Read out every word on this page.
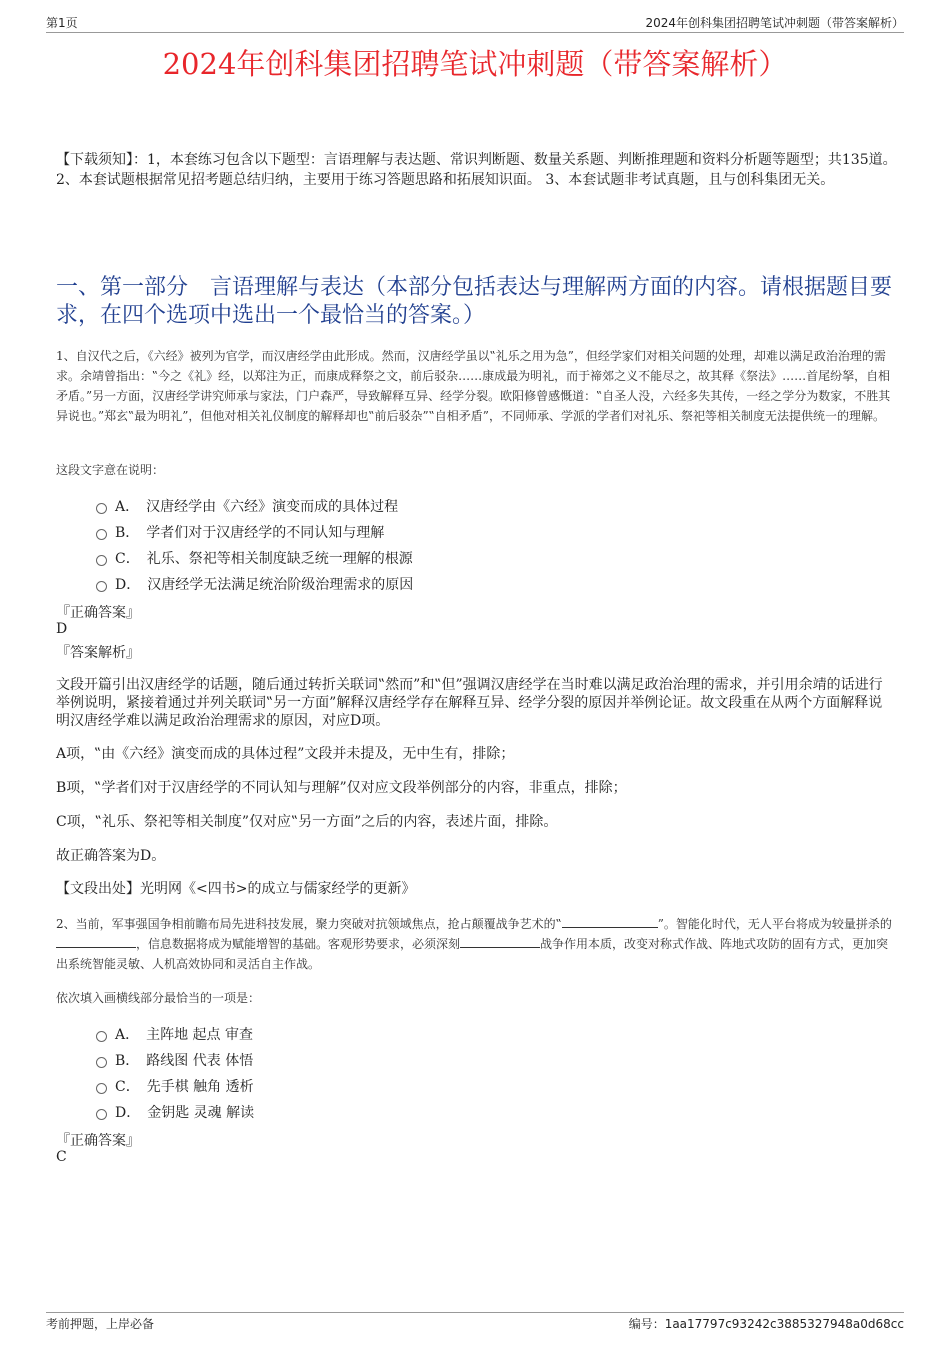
第1页	2024年创科集团招聘笔试冲刺题（带答案解析）
2024年创科集团招聘笔试冲刺题（带答案解析）
【下载须知】：1，本套练习包含以下题型：言语理解与表达题、常识判断题、数量关系题、判断推理题和资料分析题等题型；共135道。 2、本套试题根据常见招考题总结归纳，主要用于练习答题思路和拓展知识面。 3、本套试题非考试真题，且与创科集团无关。
一、第一部分　言语理解与表达（本部分包括表达与理解两方面的内容。请根据题目要求，在四个选项中选出一个最恰当的答案。）
1、自汉代之后，《六经》被列为官学，而汉唐经学由此形成。然而，汉唐经学虽以‟礼乐之用为急”，但经学家们对相关问题的处理，却难以满足政治治理的需求。余靖曾指出：‟今之《礼》经，以郑注为正，而康成释祭之文，前后驳杂……康成最为明礼，而于禘郊之义不能尽之，故其释《祭法》……首尾纷拏，自相矛盾。”另一方面，汉唐经学讲究师承与家法，门户森严，导致解释互异、经学分裂。欧阳修曾感慨道：‟自圣人没，六经多失其传，一经之学分为数家，不胜其异说也。”郑玄‟最为明礼”，但他对相关礼仪制度的解释却也‟前后驳杂”‟自相矛盾”，不同师承、学派的学者们对礼乐、祭祀等相关制度无法提供统一的理解。
这段文字意在说明：
A．　汉唐经学由《六经》演变而成的具体过程
B．　学者们对于汉唐经学的不同认知与理解
C．　礼乐、祭祀等相关制度缺乏统一理解的根源
D．　汉唐经学无法满足统治阶级治理需求的原因
『正确答案』
D
『答案解析』
文段开篇引出汉唐经学的话题，随后通过转折关联词‟然而”和‟但”强调汉唐经学在当时难以满足政治治理的需求，并引用余靖的话进行举例说明，紧接着通过并列关联词‟另一方面”解释汉唐经学存在解释互异、经学分裂的原因并举例论证。故文段重在从两个方面解释说明汉唐经学难以满足政治治理需求的原因，对应D项。
A项，‟由《六经》演变而成的具体过程”文段并未提及，无中生有，排除；
B项，‟学者们对于汉唐经学的不同认知与理解”仅对应文段举例部分的内容，非重点，排除；
C项，‟礼乐、祭祀等相关制度”仅对应‟另一方面”之后的内容，表述片面，排除。
故正确答案为D。
【文段出处】光明网《<四书>的成立与儒家经学的更新》
2、当前，军事强国争相前瞻布局先进科技发展，聚力突破对抗领域焦点，抢占颠覆战争艺术的‟	”。智能化时代，无人平台将成为较量拼杀的，信息数据将成为赋能增智的基础。客观形势要求，必须深刻	战争作用本质，改变对称式作战、阵地式攻防的固有方式，更加突出系统智能灵敏、人机高效协同和灵活自主作战。
依次填入画横线部分最恰当的一项是：
A．　主阵地 起点 审查
B．　路线图 代表 体悟
C．　先手棋 触角 透析
D．　金钥匙 灵魂 解读
『正确答案』
C
考前押题，上岸必备	编号：1aa17797c93242c3885327948a0d68cc
